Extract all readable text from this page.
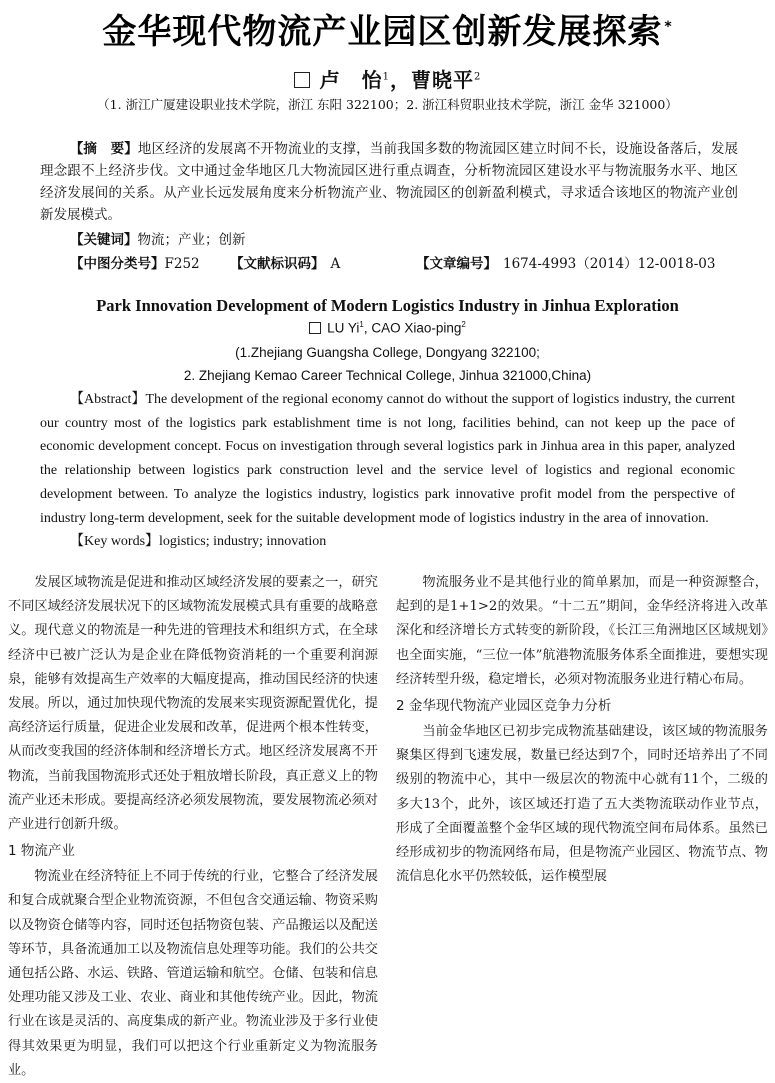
金华现代物流产业园区创新发展探索 *
卢　怡$^1$，曹晓平$^2$
（1. 浙江广厦建设职业技术学院，浙江 东阳 322100；2. 浙江科贸职业技术学院，浙江 金华 321000）
【摘　要】地区经济的发展离不开物流业的支撑，当前我国多数的物流园区建立时间不长，设施设备落后，发展理念跟不上经济步伐。文中通过金华地区几大物流园区进行重点调查，分析物流园区建设水平与物流服务水平、地区经济发展间的关系。从产业长远发展角度来分析物流产业、物流园区的创新盈利模式，寻求适合该地区的物流产业创新发展模式。
【关键词】物流；产业；创新
【中图分类号】F252 【文献标识码】 A	【文章编号】 1674-4993（2014）12-0018-03
Park Innovation Development of Modern Logistics Industry in Jinhua Exploration
LU Yi$^1$, CAO Xiao-ping$^2$
(1.Zhejiang Guangsha College, Dongyang 322100;
2. Zhejiang Kemao Career Technical College, Jinhua 321000,China)
【Abstract】The development of the regional economy cannot do without the support of logistics industry, the current our country most of the logistics park establishment time is not long, facilities behind, can not keep up the pace of economic development concept. Focus on investigation through several logistics park in Jinhua area in this paper, analyzed the relationship between logistics park construction level and the service level of logistics and regional economic development between. To analyze the logistics industry, logistics park innovative profit model from the perspective of industry long-term development, seek for the suitable development mode of logistics industry in the area of innovation.
【Key words】logistics; industry; innovation

发展区域物流是促进和推动区域经济发展的要素之一，研究不同区域经济发展状况下的区域物流发展模式具有重要的战略意义。现代意义的物流是一种先进的管理技术和组织方式，在全球经济中已被广泛认为是企业在降低物资消耗的一个重要利润源泉，能够有效提高生产效率的大幅度提高，推动国民经济的快速发展。所以，通过加快现代物流的发展来实现资源配置优化，提高经济运行质量，促进企业发展和改革，促进两个根本性转变，从而改变我国的经济体制和经济增长方式。地区经济发展离不开物流，当前我国物流形式还处于粗放增长阶段，真正意义上的物流产业还未形成。要提高经济必须发展物流，要发展物流必须对产业进行创新升级。

1 物流产业

物流业在经济特征上不同于传统的行业，它整合了经济发展和复合成就聚合型企业物流资源，不但包含交通运输、物资采购以及物资仓储等内容，同时还包括物资包装、产品搬运以及配送等环节，具备流通加工以及物流信息处理等功能。我们的公共交通包括公路、水运、铁路、管道运输和航空。仓储、包装和信息处理功能又涉及工业、农业、商业和其他传统产业。因此，物流行业在该是灵活的、高度集成的新产业。物流业涉及于多行业使得其效果更为明显，我们可以把这个行业重新定义为物流服务业。

物流服务业不是其他行业的简单累加，而是一种资源整合，起到的是1+1>2的效果。“十二五”期间，金华经济将进入改革深化和经济增长方式转变的新阶段，《长江三角洲地区区域规划》也全面实施，“三位一体”航港物流服务体系全面推进，要想实现经济转型升级，稳定增长，必须对物流服务业进行精心布局。

2 金华现代物流产业园区竞争力分析

当前金华地区已初步完成物流基础建设，该区域的物流服务聚集区得到飞速发展，数量已经达到7个，同时还培养出了不同级别的物流中心，其中一级层次的物流中心就有11个，二级的多大13个，此外，该区域还打造了五大类物流联动作业节点，形成了全面覆盖整个金华区域的现代物流空间布局体系。虽然已经形成初步的物流网络布局，但是物流产业园区、物流节点、物流信息化水平仍然较低，运作模型展
